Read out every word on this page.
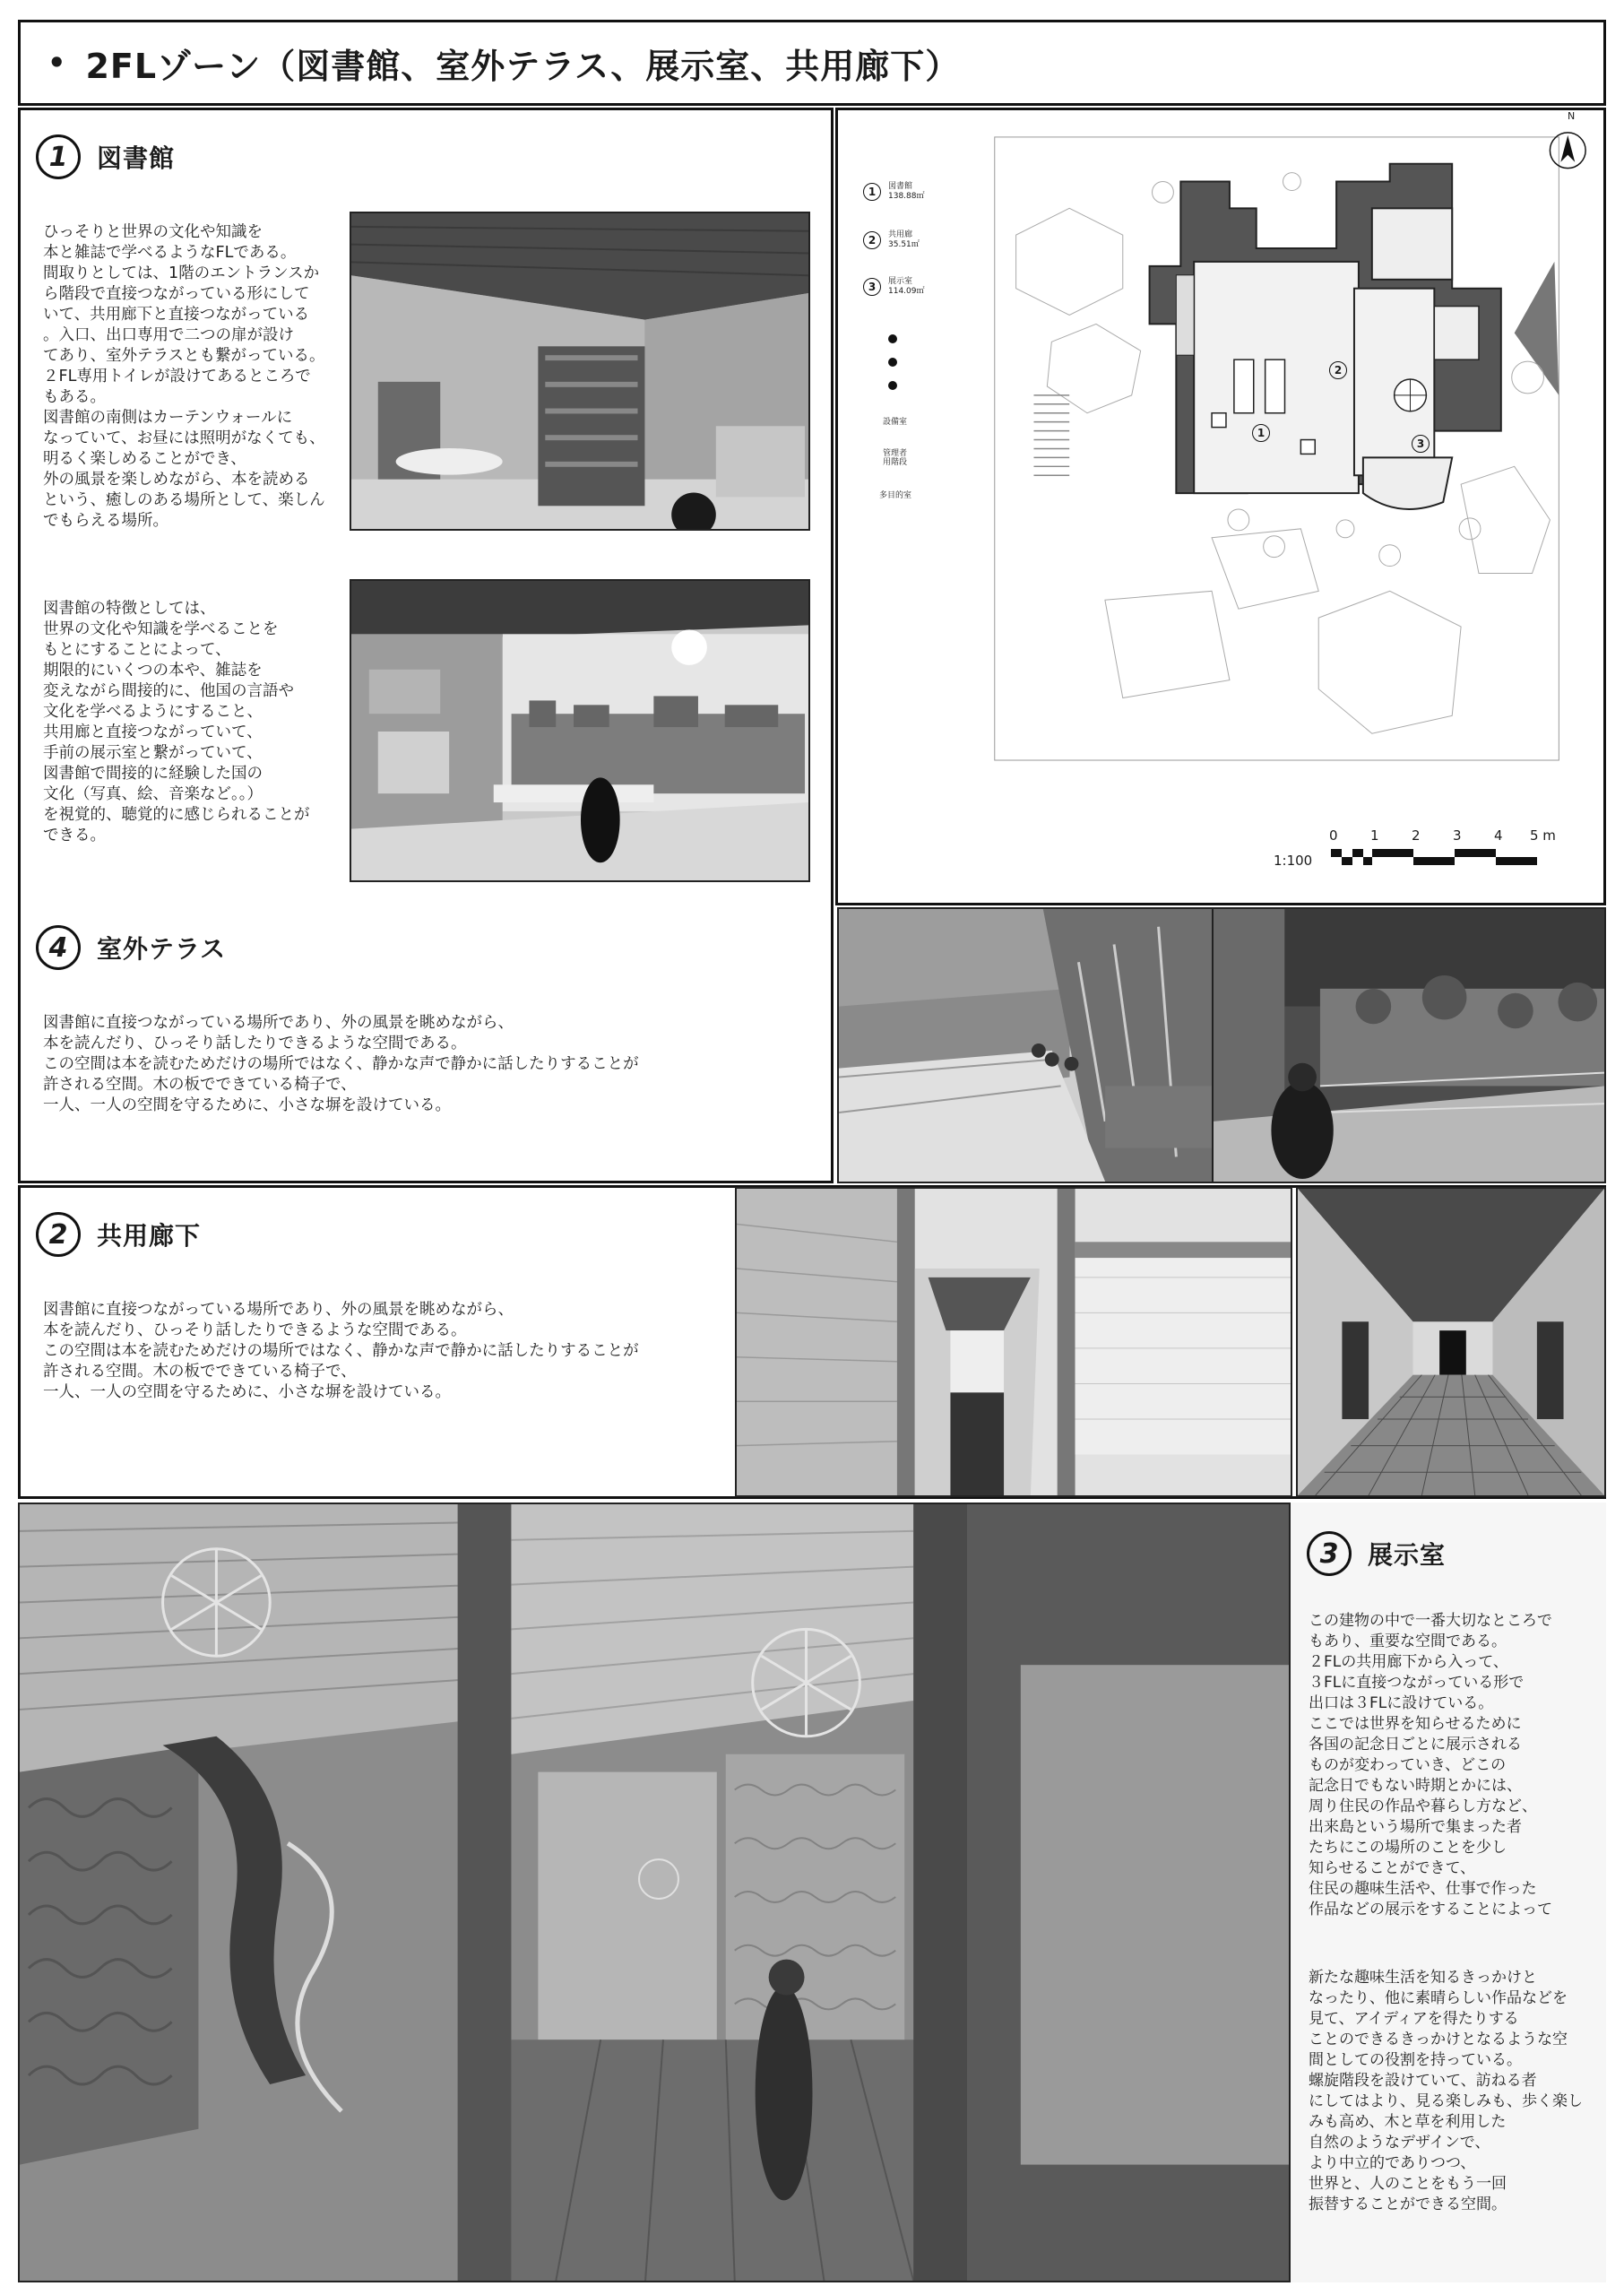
• 2FLゾーン（図書館、室外テラス、展示室、共用廊下）
1	図書館
ひっそりと世界の文化や知識を
本と雑誌で学べるようなFLである。
間取りとしては、1階のエントランスか
ら階段で直接つながっている形にして
いて、共用廊下と直接つながっている
。入口、出口専用で二つの扉が設け
てあり、室外テラスとも繋がっている。
２FL専用トイレが設けてあるところで
もある。
図書館の南側はカーテンウォールに
なっていて、お昼には照明がなくても、
明るく楽しめることができ、
外の風景を楽しめながら、本を読める
という、癒しのある場所として、楽しん
でもらえる場所。
図書館の特徴としては、
世界の文化や知識を学べることを
もとにすることによって、
期限的にいくつの本や、雑誌を
変えながら間接的に、他国の言語や
文化を学べるようにすること、
共用廊と直接つながっていて、
手前の展示室と繋がっていて、
図書館で間接的に経験した国の
文化（写真、絵、音楽など。。）
を視覚的、聴覚的に感じられることが
できる。
4	室外テラス
図書館に直接つながっている場所であり、外の風景を眺めながら、
本を読んだり、ひっそり話したりできるような空間である。
この空間は本を読むためだけの場所ではなく、静かな声で静かに話したりすることが
許される空間。木の板でできている椅子で、
一人、一人の空間を守るために、小さな塀を設けている。
N
1	図書館
138.88㎡
2	共用廊
35.51㎡
3	展示室
114.09㎡
設備室
管理者
用階段
多目的室
1
2
3
1:100
0 1 2 3 4 5 m
2	共用廊下
図書館に直接つながっている場所であり、外の風景を眺めながら、
本を読んだり、ひっそり話したりできるような空間である。
この空間は本を読むためだけの場所ではなく、静かな声で静かに話したりすることが
許される空間。木の板でできている椅子で、
一人、一人の空間を守るために、小さな塀を設けている。
3	展示室
この建物の中で一番大切なところで
もあり、重要な空間である。
２FLの共用廊下から入って、
３FLに直接つながっている形で
出口は３FLに設けている。
ここでは世界を知らせるために
各国の記念日ごとに展示される
ものが変わっていき、どこの
記念日でもない時期とかには、
周り住民の作品や暮らし方など、
出来島という場所で集まった者
たちにこの場所のことを少し
知らせることができて、
住民の趣味生活や、仕事で作った
作品などの展示をすることによって
新たな趣味生活を知るきっかけと
なったり、他に素晴らしい作品などを
見て、アイディアを得たりする
ことのできるきっかけとなるような空
間としての役割を持っている。
螺旋階段を設けていて、訪ねる者
にしてはより、見る楽しみも、歩く楽し
みも高め、木と草を利用した
自然のようなデザインで、
より中立的でありつつ、
世界と、人のことをもう一回
振替することができる空間。
